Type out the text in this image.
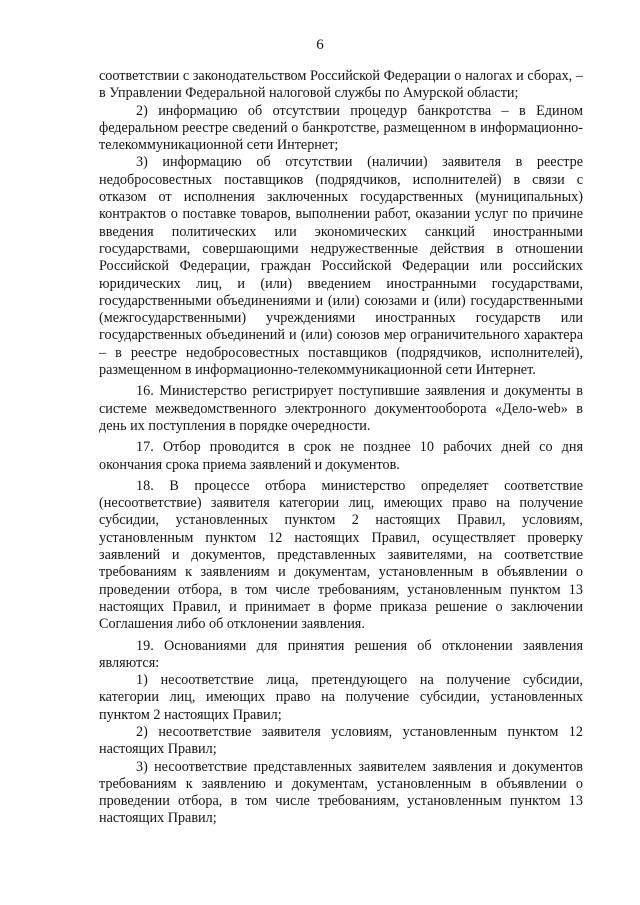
6

соответствии с законодательством Российской Федерации о налогах и сборах, – в Управлении Федеральной налоговой службы по Амурской области;

2) информацию об отсутствии процедур банкротства – в Едином федеральном реестре сведений о банкротстве, размещенном в информационно-телекоммуникационной сети Интернет;

3) информацию об отсутствии (наличии) заявителя в реестре недобросовестных поставщиков (подрядчиков, исполнителей) в связи с отказом от исполнения заключенных государственных (муниципальных) контрактов о поставке товаров, выполнении работ, оказании услуг по причине введения политических или экономических санкций иностранными государствами, совершающими недружественные действия в отношении Российской Федерации, граждан Российской Федерации или российских юридических лиц, и (или) введением иностранными государствами, государственными объединениями и (или) союзами и (или) государственными (межгосударственными) учреждениями иностранных государств или государственных объединений и (или) союзов мер ограничительного характера – в реестре недобросовестных поставщиков (подрядчиков, исполнителей), размещенном в информационно-телекоммуникационной сети Интернет.

16. Министерство регистрирует поступившие заявления и документы в системе межведомственного электронного документооборота «Дело-web» в день их поступления в порядке очередности.

17. Отбор проводится в срок не позднее 10 рабочих дней со дня окончания срока приема заявлений и документов.

18. В процессе отбора министерство определяет соответствие (несоответствие) заявителя категории лиц, имеющих право на получение субсидии, установленных пунктом 2 настоящих Правил, условиям, установленным пунктом 12 настоящих Правил, осуществляет проверку заявлений и документов, представленных заявителями, на соответствие требованиям к заявлениям и документам, установленным в объявлении о проведении отбора, в том числе требованиям, установленным пунктом 13 настоящих Правил, и принимает в форме приказа решение о заключении Соглашения либо об отклонении заявления.

19. Основаниями для принятия решения об отклонении заявления являются:

1) несоответствие лица, претендующего на получение субсидии, категории лиц, имеющих право на получение субсидии, установленных пунктом 2 настоящих Правил;

2) несоответствие заявителя условиям, установленным пунктом 12 настоящих Правил;

3) несоответствие представленных заявителем заявления и документов требованиям к заявлению и документам, установленным в объявлении о проведении отбора, в том числе требованиям, установленным пунктом 13 настоящих Правил;
